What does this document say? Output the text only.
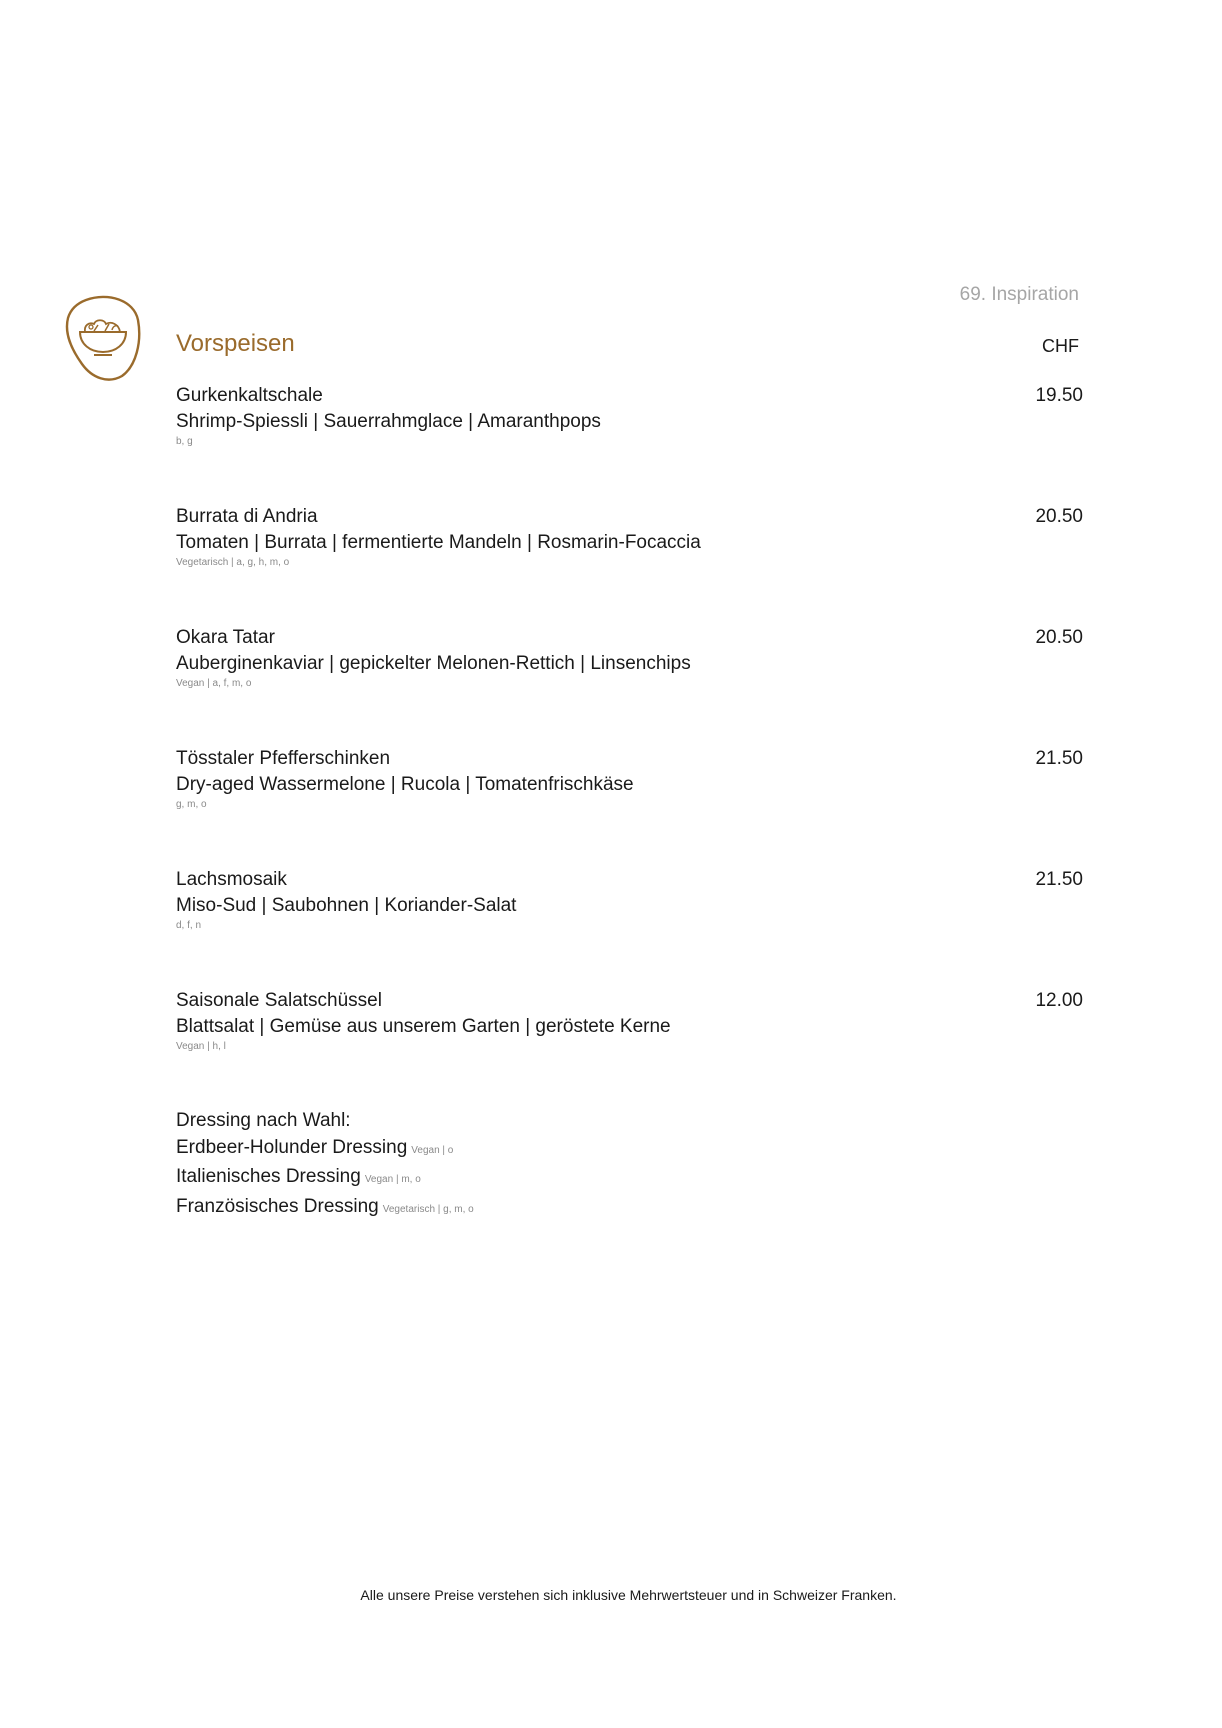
69. Inspiration
Vorspeisen	CHF
Gurkenkaltschale
Shrimp-Spiessli | Sauerrahmglace | Amaranthpops
b, g
19.50
Burrata di Andria
Tomaten | Burrata | fermentierte Mandeln | Rosmarin-Focaccia
Vegetarisch | a, g, h, m, o
20.50
Okara Tatar
Auberginenkaviar | gepickelter Melonen-Rettich | Linsenchips
Vegan | a, f, m, o
20.50
Tösstaler Pfefferschinken
Dry-aged Wassermelone | Rucola | Tomatenfrischkäse
g, m, o
21.50
Lachsmosaik
Miso-Sud | Saubohnen | Koriander-Salat
d, f, n
21.50
Saisonale Salatschüssel
Blattsalat | Gemüse aus unserem Garten | geröstete Kerne
Vegan | h, l
12.00
Dressing nach Wahl:
Erdbeer-Holunder Dressing Vegan | o
Italienisches Dressing Vegan | m, o
Französisches Dressing Vegetarisch | g, m, o
Alle unsere Preise verstehen sich inklusive Mehrwertsteuer und in Schweizer Franken.
